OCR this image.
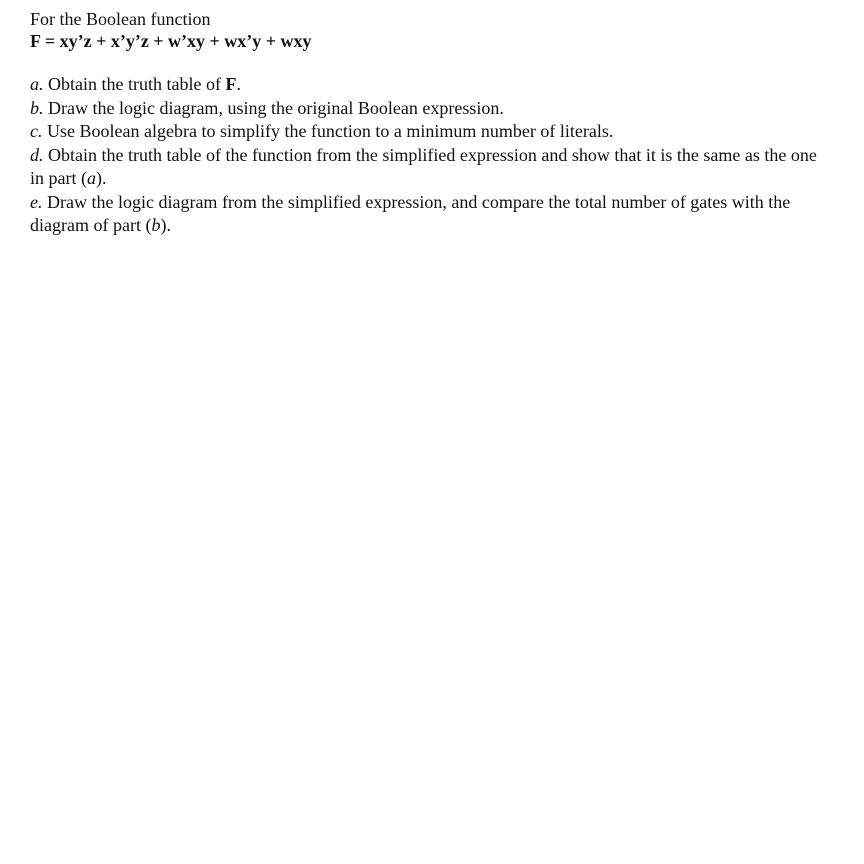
For the Boolean function

F = xy’z + x’y’z + w’xy + wx’y + wxy

a. Obtain the truth table of F.

b. Draw the logic diagram, using the original Boolean expression.

c. Use Boolean algebra to simplify the function to a minimum number of literals.

d. Obtain the truth table of the function from the simplified expression and show that it is the same as the one in part (a).

e. Draw the logic diagram from the simplified expression, and compare the total number of gates with the diagram of part (b).
